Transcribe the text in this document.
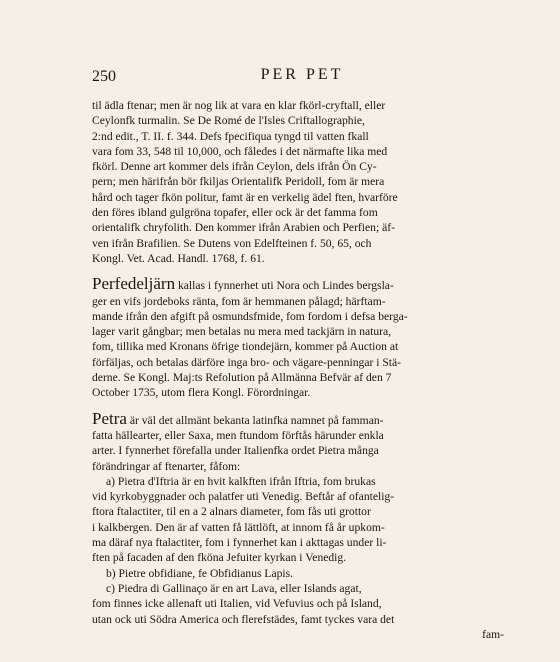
250	PER PET
til ädla ftenar; men är nog lik at vara en klar fkörl-cryftall, eller
Ceylonfk turmalin. Se De Romé de l'Isles Criftallographie,
2:nd edit., T. II. f. 344. Defs fpecifiqua tyngd til vatten fkall
vara fom 33, 548 til 10,000, och fåledes i det närmafte lika med
fkörl. Denne art kommer dels ifrån Ceylon, dels ifrån Ön Cy-
pern; men härifrån bör fkiljas Orientalifk Peridoll, fom är mera
hård och tager fkön politur, famt är en verkelig ädel ften, hvarföre
den föres ibland gulgröna topafer, eller ock är det famma fom
orientalifk chryfolith. Den kommer ifrån Arabien och Perfien; äf-
ven ifrån Brafilien. Se Dutens von Edelfteinen f. 50, 65, och
Kongl. Vet. Acad. Handl. 1768, f. 61.
Perfedeljärn kallas i fynnerhet uti Nora och Lindes bergsla-
ger en vifs jordeboks ränta, fom är hemmanen pålagd; härftam-
mande ifrån den afgift på osmundsfmide, fom fordom i defsa berga-
lager varit gångbar; men betalas nu mera med tackjärn in natura,
fom, tillika med Kronans öfrige tiondejärn, kommer på Auction at
förfäljas, och betalas därföre inga bro- och vägare-penningar i Stä-
derne. Se Kongl. Maj:ts Refolution på Allmänna Befvär af den 7
October 1735, utom flera Kongl. Förordningar.
Petra är väl det allmänt bekanta latinfka namnet på famman-
fatta hällearter, eller Saxa, men ftundom förftås härunder enkla
arter. I fynnerhet förefalla under Italienfka ordet Pietra många
förändringar af ftenarter, fåfom:
a) Pietra d'Iftria är en hvit kalkften ifrån Iftria, fom brukas
vid kyrkobyggnader och palatfer uti Venedig. Beftår af ofantelig-
ftora ftalactiter, til en a 2 alnars diameter, fom fås uti grottor
i kalkbergen. Den är af vatten få lättlöft, at innom få år upkom-
ma däraf nya ftalactiter, fom i fynnerhet kan i akttagas under li-
ften på facaden af den fköna Jefuiter kyrkan i Venedig.
b) Pietre obfidiane, fe Obfidianus Lapis.
c) Piedra di Gallinaço är en art Lava, eller Islands agat,
fom finnes icke allenaft uti Italien, vid Vefuvius och på Island,
utan ock uti Södra America och flerefstädes, famt tyckes vara det

fam-
